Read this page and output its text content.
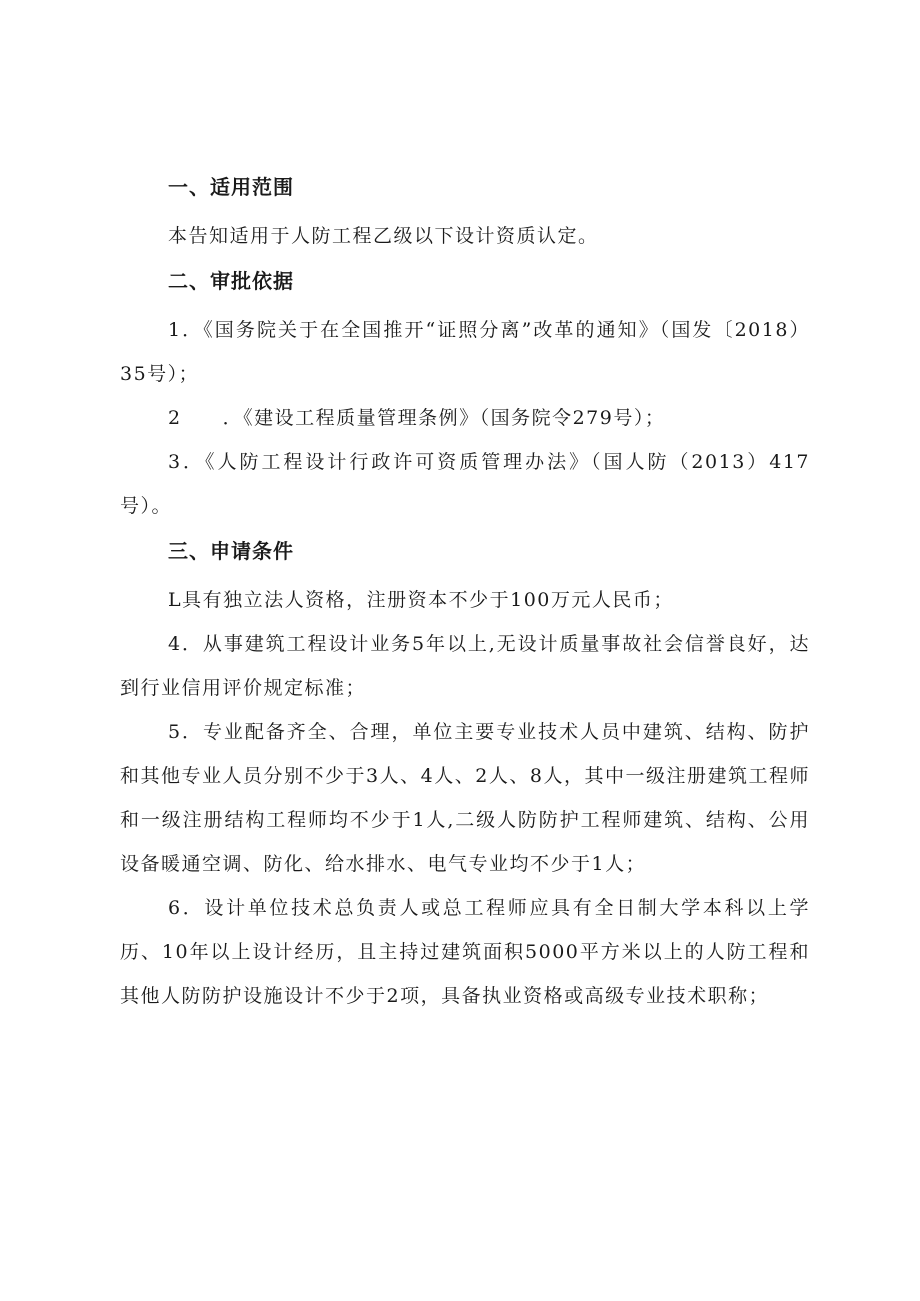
一、适用范围

本告知适用于人防工程乙级以下设计资质认定。

二、审批依据

1．《国务院关于在全国推开“证照分离”改革的通知》（国发〔2018）35号）；

2　　．《建设工程质量管理条例》（国务院令279号）；

3．《人防工程设计行政许可资质管理办法》（国人防（2013）417号）。

三、申请条件

L具有独立法人资格，注册资本不少于100万元人民币；

4．从事建筑工程设计业务5年以上,无设计质量事故社会信誉良好，达到行业信用评价规定标准；

5．专业配备齐全、合理，单位主要专业技术人员中建筑、结构、防护和其他专业人员分别不少于3人、4人、2人、8人，其中一级注册建筑工程师和一级注册结构工程师均不少于1人,二级人防防护工程师建筑、结构、公用设备暖通空调、防化、给水排水、电气专业均不少于1人；

6．设计单位技术总负责人或总工程师应具有全日制大学本科以上学历、10年以上设计经历，且主持过建筑面积5000平方米以上的人防工程和其他人防防护设施设计不少于2项，具备执业资格或高级专业技术职称；
